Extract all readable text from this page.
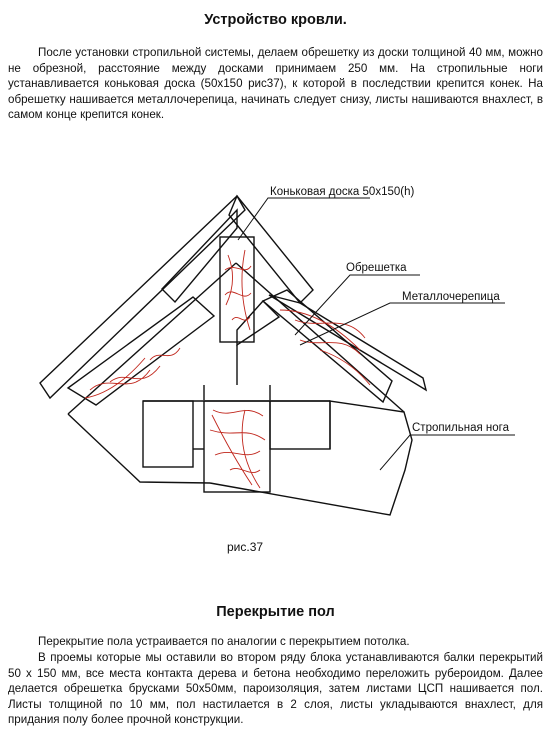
Устройство кровли.
После установки стропильной системы, делаем обрешетку из доски толщиной 40 мм, можно не обрезной, расстояние между досками принимаем 250 мм. На стропильные ноги устанавливается коньковая доска (50х150 рис37), к которой в последствии крепится конек. На обрешетку нашивается металлочерепица, начинать следует снизу, листы нашиваются внахлест, в самом конце крепится конек.
Коньковая доска 50х150(h)
Обрешетка
Металлочерепица
Стропильная нога
рис.37
Перекрытие пол
Перекрытие пола устраивается по аналогии с перекрытием потолка.
В проемы которые мы оставили во втором ряду блока устанавливаются балки перекрытий 50 х 150 мм, все места контакта дерева и бетона необходимо переложить рубероидом. Далее делается обрешетка брусками 50х50мм, пароизоляция, затем листами ЦСП нашивается пол. Листы толщиной по 10 мм, пол настилается в 2 слоя, листы укладываются внахлест, для придания полу более прочной конструкции.
